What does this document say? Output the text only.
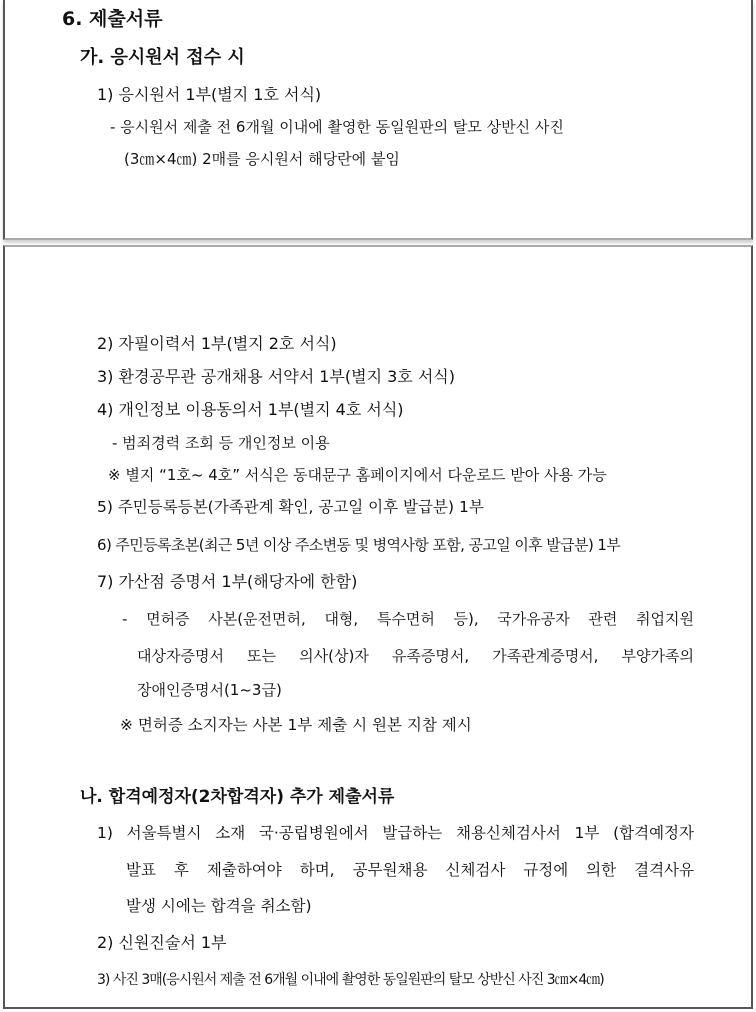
6. 제출서류
가. 응시원서 접수 시
1) 응시원서 1부(별지 1호 서식)
- 응시원서 제출 전 6개월 이내에 촬영한 동일원판의 탈모 상반신 사진
(3㎝×4㎝) 2매를 응시원서 해당란에 붙임
2) 자필이력서 1부(별지 2호 서식)
3) 환경공무관 공개채용 서약서 1부(별지 3호 서식)
4) 개인정보 이용동의서 1부(별지 4호 서식)
- 범죄경력 조회 등 개인정보 이용
※ 별지 “1호~ 4호” 서식은 동대문구 홈페이지에서 다운로드 받아 사용 가능
5) 주민등록등본(가족관계 확인, 공고일 이후 발급분) 1부
6) 주민등록초본(최근 5년 이상 주소변동 및 병역사항 포함, 공고일 이후 발급분) 1부
7) 가산점 증명서 1부(해당자에 한함)
- 면허증 사본(운전면허, 대형, 특수면허 등), 국가유공자 관련 취업지원
대상자증명서 또는 의사(상)자 유족증명서, 가족관계증명서, 부양가족의
장애인증명서(1~3급)
※ 면허증 소지자는 사본 1부 제출 시 원본 지참 제시
나. 합격예정자(2차합격자) 추가 제출서류
1) 서울특별시 소재 국·공립병원에서 발급하는 채용신체검사서 1부 (합격예정자
발표 후 제출하여야 하며, 공무원채용 신체검사 규정에 의한 결격사유
발생 시에는 합격을 취소함)
2) 신원진술서 1부
3) 사진 3매(응시원서 제출 전 6개월 이내에 촬영한 동일원판의 탈모 상반신 사진 3㎝×4㎝)
